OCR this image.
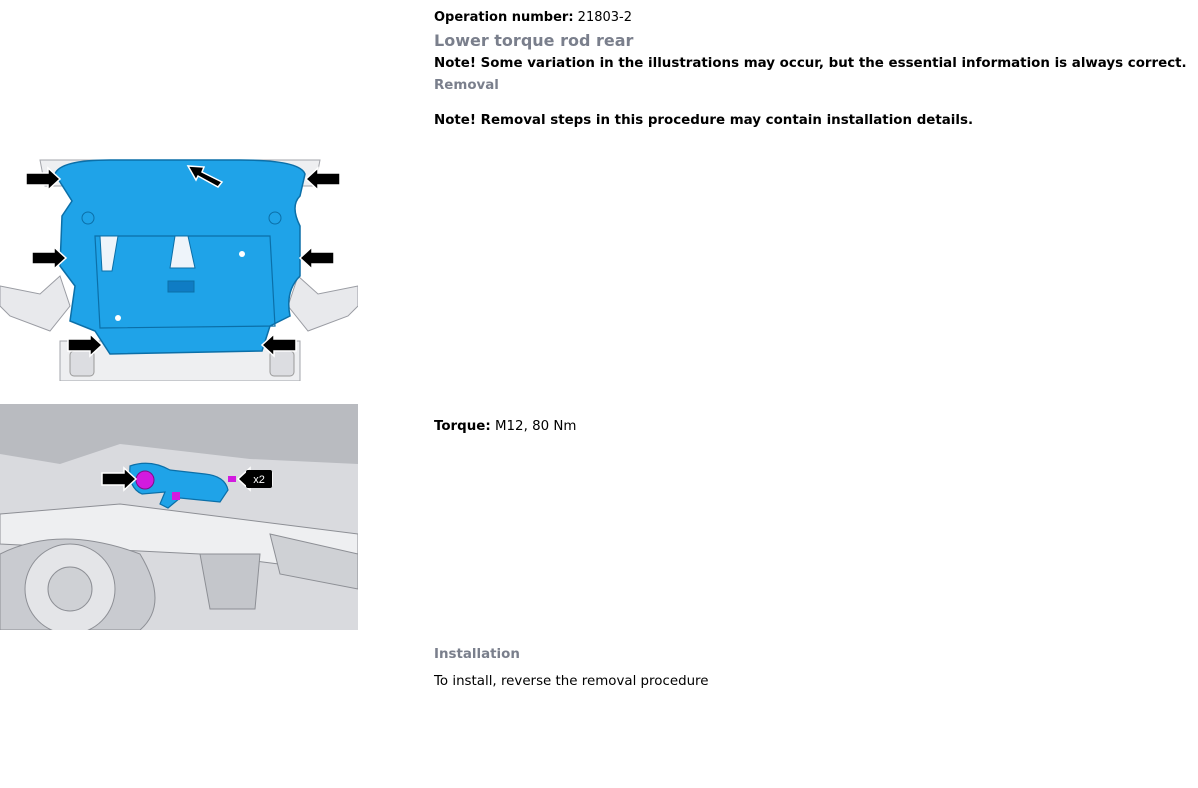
Operation number: 21803-2
Lower torque rod rear
Note! Some variation in the illustrations may occur, but the essential information is always correct.
Removal
Note! Removal steps in this procedure may contain installation details.
x2
Torque: M12, 80 Nm
Installation
To install, reverse the removal procedure
